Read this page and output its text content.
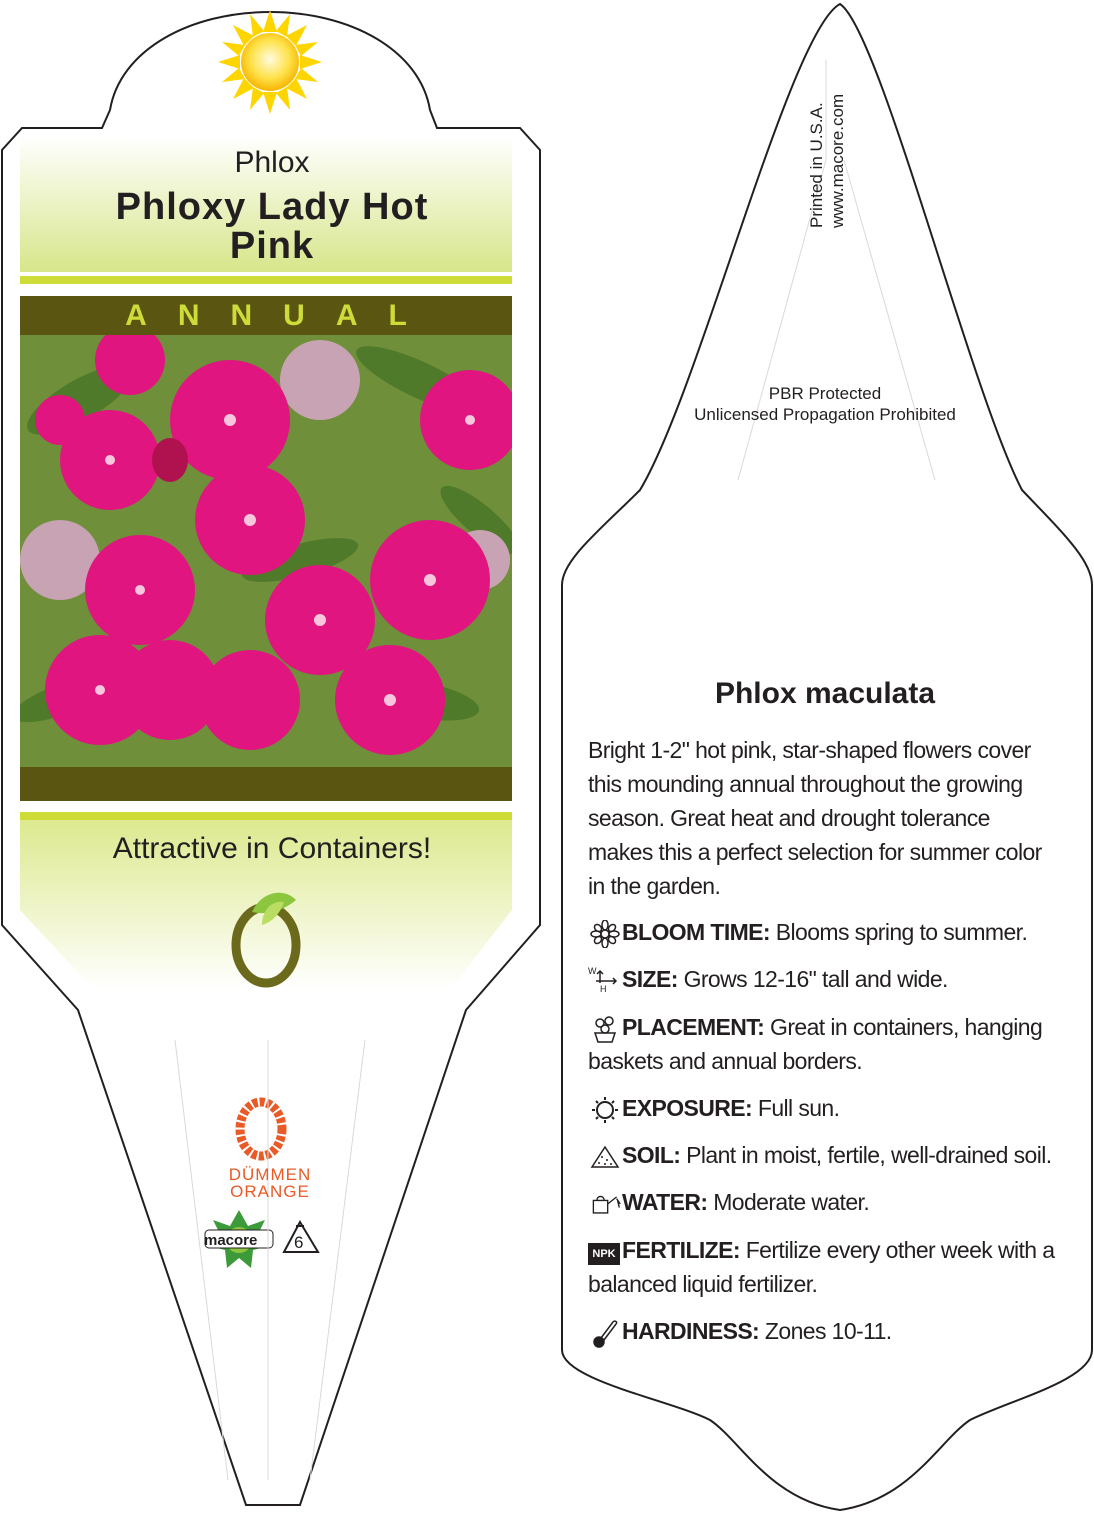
Phlox
Phloxy Lady Hot
Pink
ANNUAL
Attractive in Containers!
DÜMMEN
ORANGE
macore 6
Printed in U.S.A. www.macore.com
PBR Protected
Unlicensed Propagation Prohibited
Phlox maculata
Bright 1-2" hot pink, star-shaped flowers cover this mounding annual throughout the growing season. Great heat and drought tolerance makes this a perfect selection for summer color in the garden.
BLOOM TIME: Blooms spring to summer.
W
H SIZE: Grows 12-16" tall and wide.
PLACEMENT: Great in containers, hanging baskets and annual borders.
EXPOSURE: Full sun.
SOIL: Plant in moist, fertile, well-drained soil.
WATER: Moderate water.
NPK FERTILIZE: Fertilize every other week with a balanced liquid fertilizer.
HARDINESS: Zones 10-11.
